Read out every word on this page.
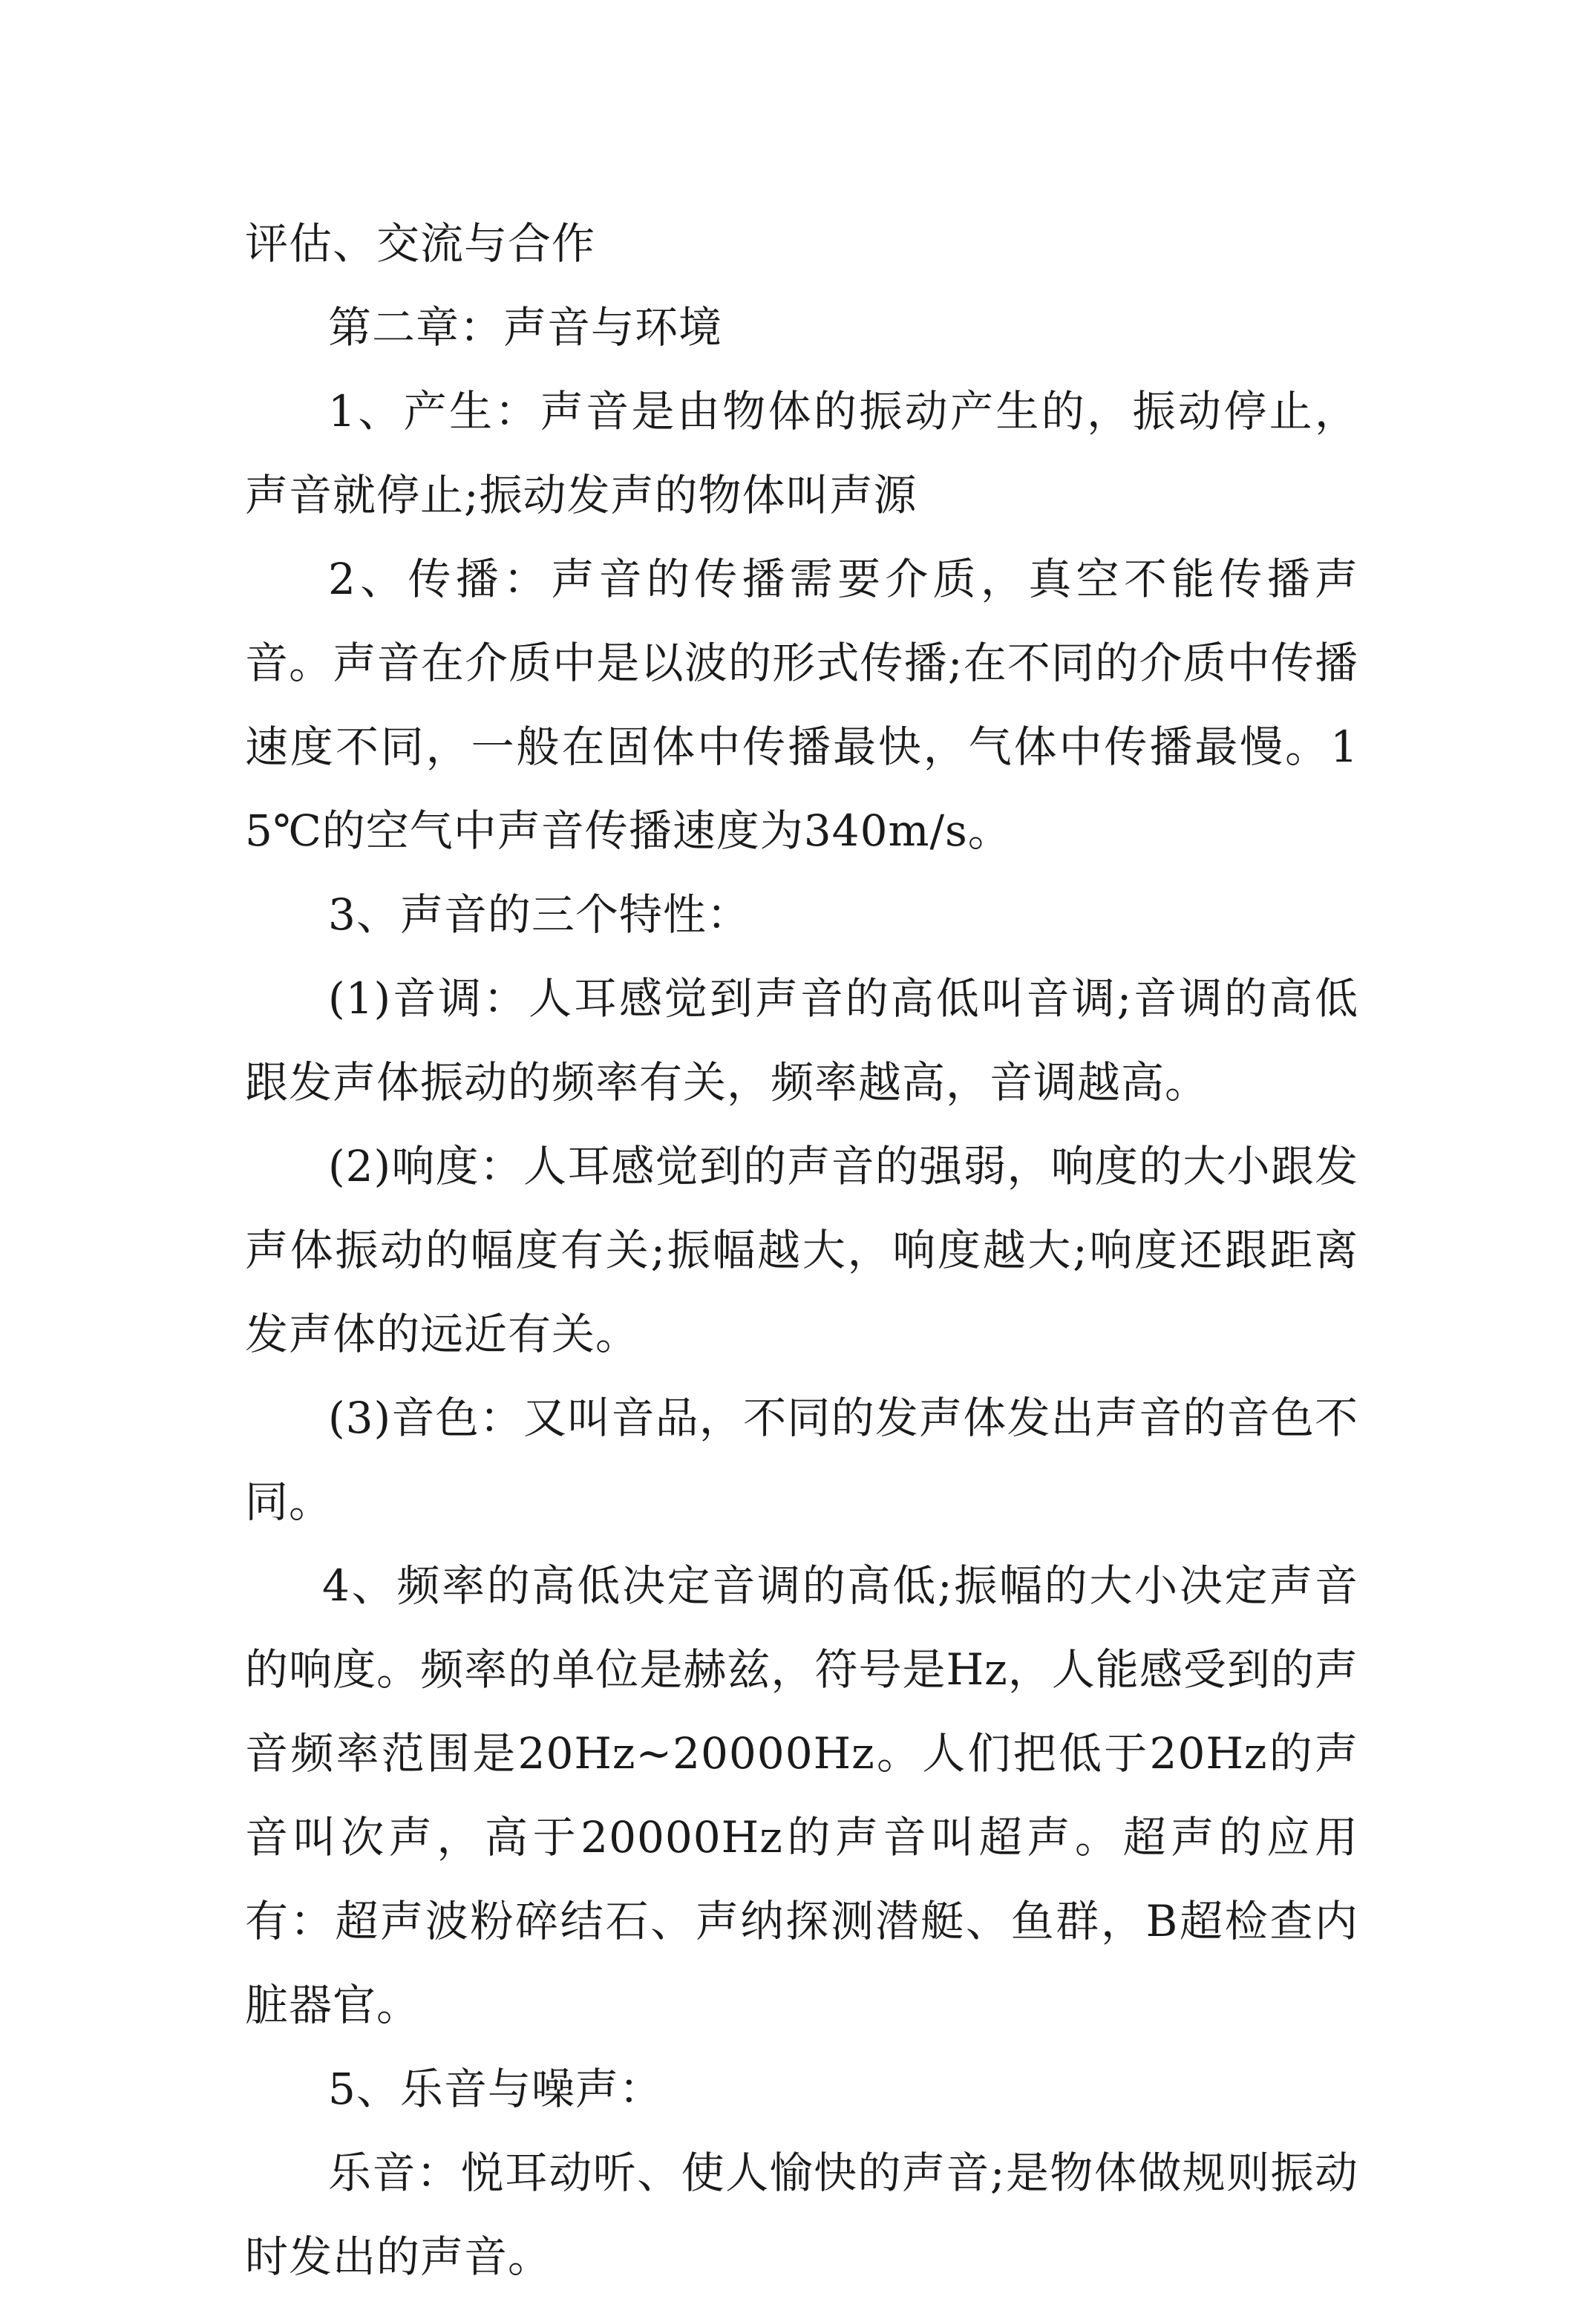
评估、交流与合作

第二章：声音与环境

1、产生：声音是由物体的振动产生的，振动停止，声音就停止;振动发声的物体叫声源

2、传播：声音的传播需要介质，真空不能传播声音。声音在介质中是以波的形式传播;在不同的介质中传播速度不同，一般在固体中传播最快，气体中传播最慢。15℃的空气中声音传播速度为340m/s。

3、声音的三个特性：

(1)音调：人耳感觉到声音的高低叫音调;音调的高低跟发声体振动的频率有关，频率越高，音调越高。

(2)响度：人耳感觉到的声音的强弱，响度的大小跟发声体振动的幅度有关;振幅越大，响度越大;响度还跟距离发声体的远近有关。

(3)音色：又叫音品，不同的发声体发出声音的音色不同。

4、频率的高低决定音调的高低;振幅的大小决定声音的响度。频率的单位是赫兹，符号是Hz，人能感受到的声音频率范围是20Hz~20000Hz。人们把低于20Hz的声音叫次声，高于20000Hz的声音叫超声。超声的应用有：超声波粉碎结石、声纳探测潜艇、鱼群，B超检查内脏器官。

5、乐音与噪声：

乐音：悦耳动听、使人愉快的声音;是物体做规则振动时发出的声音。
